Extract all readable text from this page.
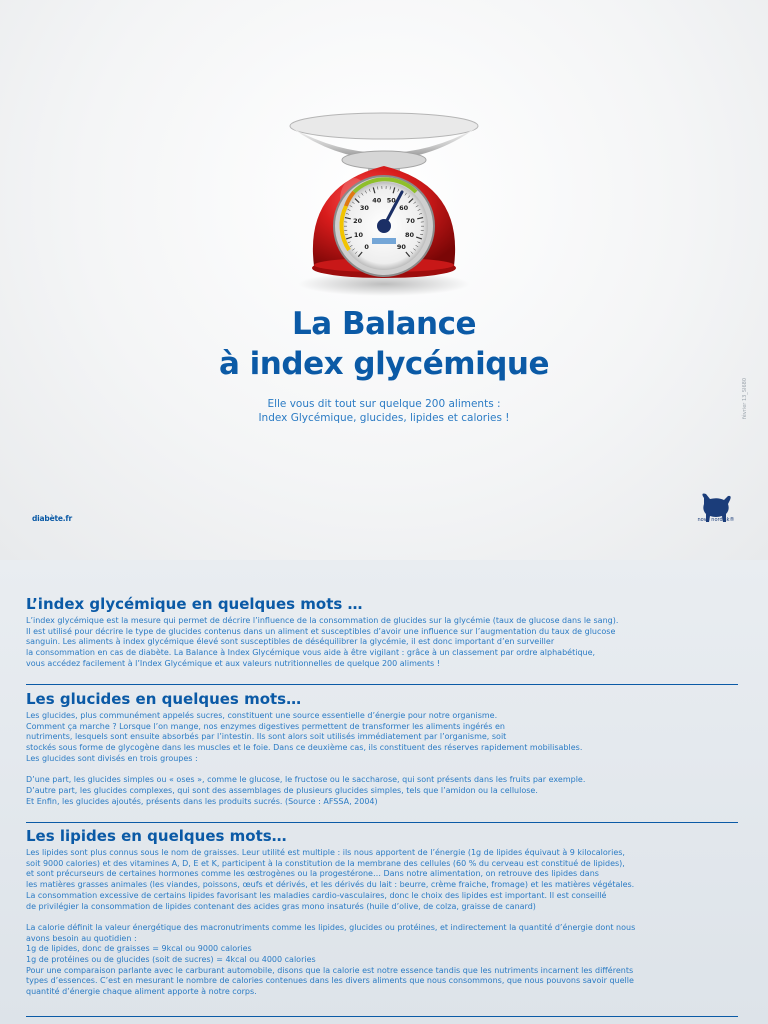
0
10
20
30
40 50
60
70
80
90
La Balance
à index glycémique
Elle vous dit tout sur quelque 200 aliments :
Index Glycémique, glucides, lipides et calories !	février 13_SI680
diabète.fr	novo nordisk®
L’index glycémique en quelques mots …

L’index glycémique est la mesure qui permet de décrire l’influence de la consommation de glucides sur la glycémie (taux de glucose dans le sang).

Il est utilisé pour décrire le type de glucides contenus dans un aliment et susceptibles d’avoir une influence sur l’augmentation du taux de glucose

sanguin. Les aliments à index glycémique élevé sont susceptibles de déséquilibrer la glycémie, il est donc important d’en surveiller

la consommation en cas de diabète. La Balance à Index Glycémique vous aide à être vigilant : grâce à un classement par ordre alphabétique,

vous accédez facilement à l’Index Glycémique et aux valeurs nutritionnelles de quelque 200 aliments !

Les glucides en quelques mots…

Les glucides, plus communément appelés sucres, constituent une source essentielle d’énergie pour notre organisme.

Comment ça marche ? Lorsque l’on mange, nos enzymes digestives permettent de transformer les aliments ingérés en

nutriments, lesquels sont ensuite absorbés par l’intestin. Ils sont alors soit utilisés immédiatement par l’organisme, soit

stockés sous forme de glycogène dans les muscles et le foie. Dans ce deuxième cas, ils constituent des réserves rapidement mobilisables.

Les glucides sont divisés en trois groupes :

D’une part, les glucides simples ou « oses », comme le glucose, le fructose ou le saccharose, qui sont présents dans les fruits par exemple.

D’autre part, les glucides complexes, qui sont des assemblages de plusieurs glucides simples, tels que l’amidon ou la cellulose.

Et Enfin, les glucides ajoutés, présents dans les produits sucrés. (Source : AFSSA, 2004)

Les lipides en quelques mots…

Les lipides sont plus connus sous le nom de graisses. Leur utilité est multiple : ils nous apportent de l’énergie (1g de lipides équivaut à 9 kilocalories,

soit 9000 calories) et des vitamines A, D, E et K, participent à la constitution de la membrane des cellules (60 % du cerveau est constitué de lipides),

et sont précurseurs de certaines hormones comme les œstrogènes ou la progestérone… Dans notre alimentation, on retrouve des lipides dans

les matières grasses animales (les viandes, poissons, œufs et dérivés, et les dérivés du lait : beurre, crème fraiche, fromage) et les matières végétales.

La consommation excessive de certains lipides favorisant les maladies cardio-vasculaires, donc le choix des lipides est important. Il est conseillé

de privilégier la consommation de lipides contenant des acides gras mono insaturés (huile d’olive, de colza, graisse de canard)

La calorie définit la valeur énergétique des macronutriments comme les lipides, glucides ou protéines, et indirectement la quantité d’énergie dont nous

avons besoin au quotidien :

1g de lipides, donc de graisses = 9kcal ou 9000 calories

1g de protéines ou de glucides (soit de sucres) = 4kcal ou 4000 calories

Pour une comparaison parlante avec le carburant automobile, disons que la calorie est notre essence tandis que les nutriments incarnent les différents

types d’essences. C’est en mesurant le nombre de calories contenues dans les divers aliments que nous consommons, que nous pouvons savoir quelle

quantité d’énergie chaque aliment apporte à notre corps.
